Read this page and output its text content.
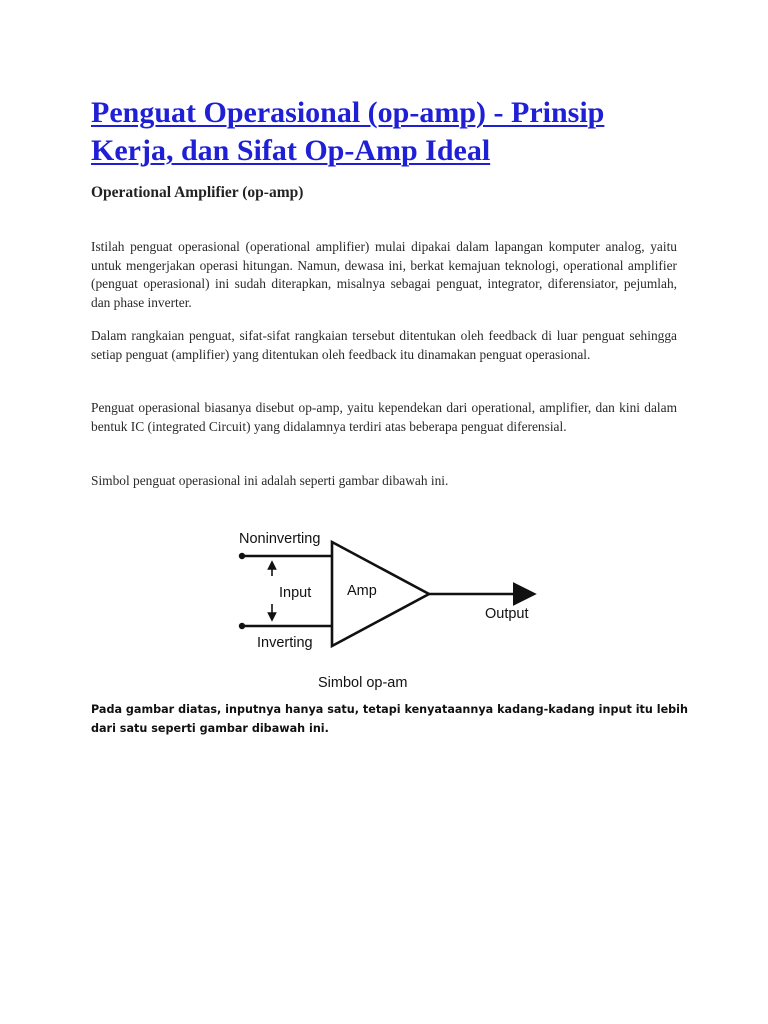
Penguat Operasional (op-amp) - Prinsip Kerja, dan Sifat Op-Amp Ideal
Operational Amplifier (op-amp)

Istilah penguat operasional (operational amplifier) mulai dipakai dalam lapangan komputer analog, yaitu untuk mengerjakan operasi hitungan. Namun, dewasa ini, berkat kemajuan teknologi, operational amplifier (penguat operasional) ini sudah diterapkan, misalnya sebagai penguat, integrator, diferensiator, pejumlah, dan phase inverter.

Dalam rangkaian penguat, sifat-sifat rangkaian tersebut ditentukan oleh feedback di luar penguat sehingga setiap penguat (amplifier) yang ditentukan oleh feedback itu dinamakan penguat operasional.

Penguat operasional biasanya disebut op-amp, yaitu kependekan dari operational, amplifier, dan kini dalam bentuk IC (integrated Circuit) yang didalamnya terdiri atas beberapa penguat diferensial.

Simbol penguat operasional ini adalah seperti gambar dibawah ini.

Noninverting
Input Amp
Output
Inverting
Simbol op-am

Pada gambar diatas, inputnya hanya satu, tetapi kenyataannya kadang-kadang input itu lebih dari satu seperti gambar dibawah ini.
